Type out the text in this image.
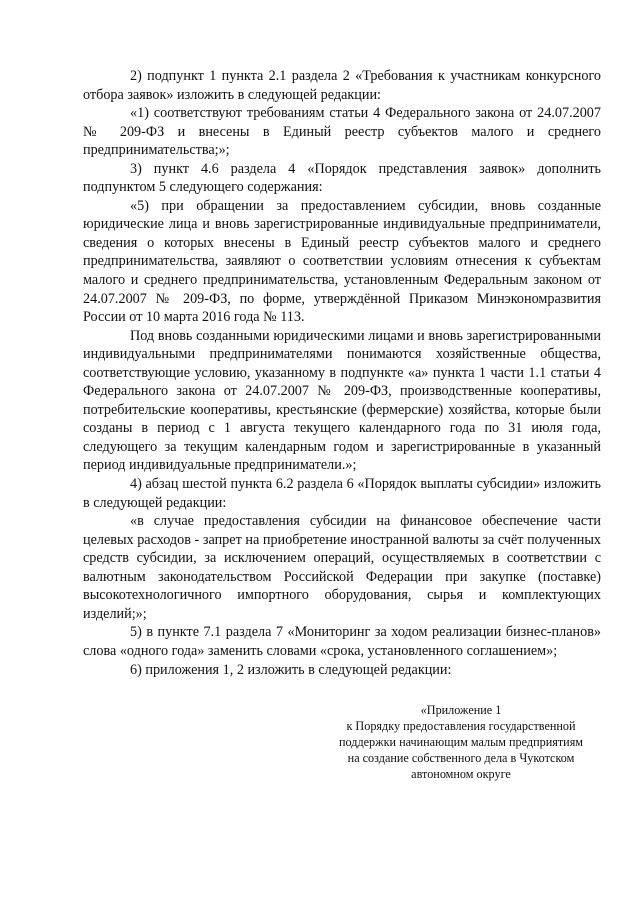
2) подпункт 1 пункта 2.1 раздела 2 «Требования к участникам конкурсного отбора заявок» изложить в следующей редакции:

«1) соответствуют требованиям статьи 4 Федерального закона от 24.07.2007 № 209-ФЗ и внесены в Единый реестр субъектов малого и среднего предпринимательства;»;

3) пункт 4.6 раздела 4 «Порядок представления заявок» дополнить подпунктом 5 следующего содержания:

«5) при обращении за предоставлением субсидии, вновь созданные юридические лица и вновь зарегистрированные индивидуальные предприниматели, сведения о которых внесены в Единый реестр субъектов малого и среднего предпринимательства, заявляют о соответствии условиям отнесения к субъектам малого и среднего предпринимательства, установленным Федеральным законом от 24.07.2007 № 209-ФЗ, по форме, утверждённой Приказом Минэкономразвития России от 10 марта 2016 года № 113.

Под вновь созданными юридическими лицами и вновь зарегистрированными индивидуальными предпринимателями понимаются хозяйственные общества, соответствующие условию, указанному в подпункте «а» пункта 1 части 1.1 статьи 4 Федерального закона от 24.07.2007 № 209-ФЗ, производственные кооперативы, потребительские кооперативы, крестьянские (фермерские) хозяйства, которые были созданы в период с 1 августа текущего календарного года по 31 июля года, следующего за текущим календарным годом и зарегистрированные в указанный период индивидуальные предприниматели.»;

4) абзац шестой пункта 6.2 раздела 6 «Порядок выплаты субсидии» изложить в следующей редакции:

«в случае предоставления субсидии на финансовое обеспечение части целевых расходов - запрет на приобретение иностранной валюты за счёт полученных средств субсидии, за исключением операций, осуществляемых в соответствии с валютным законодательством Российской Федерации при закупке (поставке) высокотехнологичного импортного оборудования, сырья и комплектующих изделий;»;

5) в пункте 7.1 раздела 7 «Мониторинг за ходом реализации бизнес-планов» слова «одного года» заменить словами «срока, установленного соглашением»;

6) приложения 1, 2 изложить в следующей редакции:

«Приложение 1
к Порядку предоставления государственной
поддержки начинающим малым предприятиям
на создание собственного дела в Чукотском
автономном округе
